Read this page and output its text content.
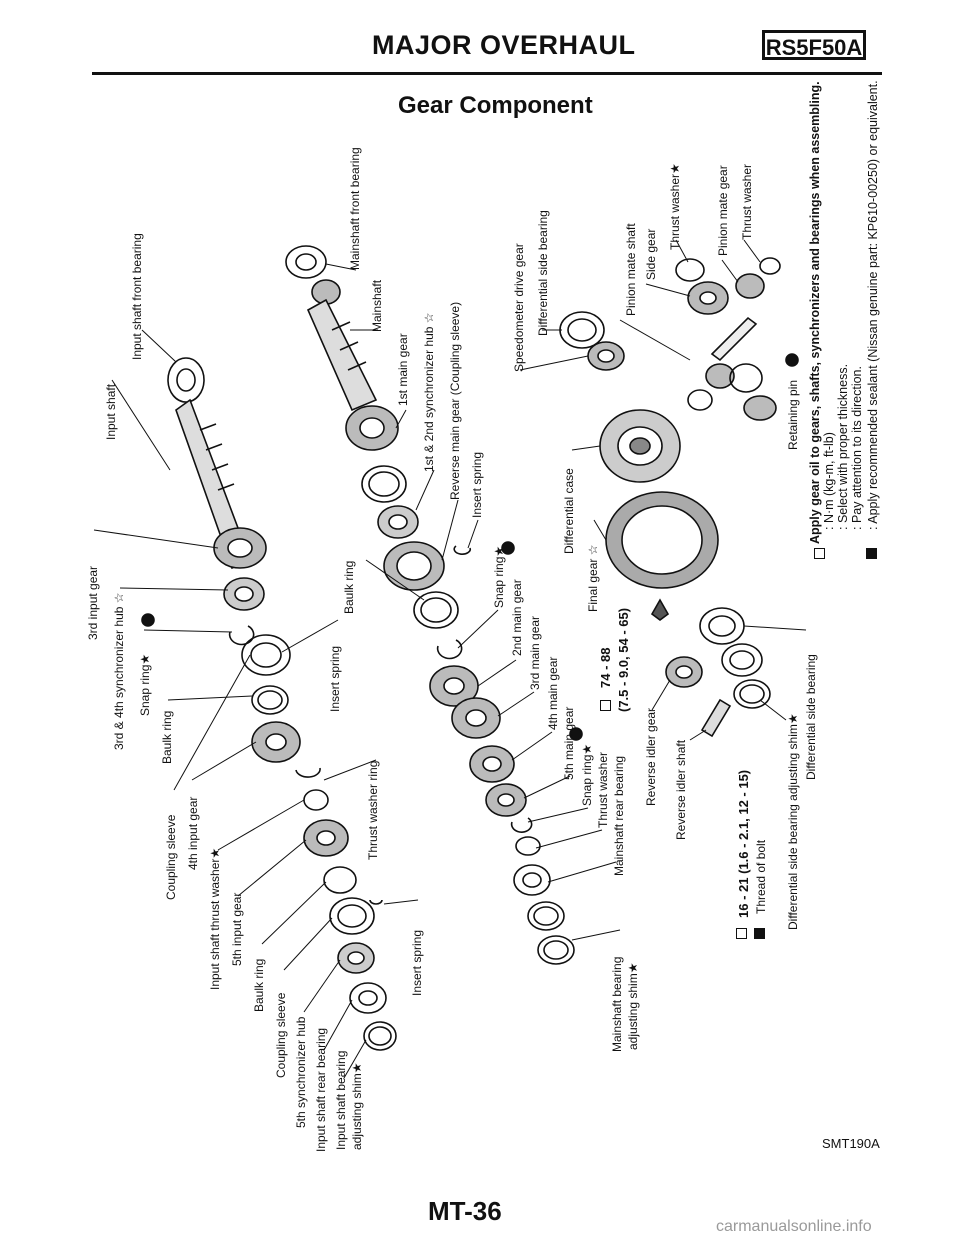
MAJOR OVERHAUL	RS5F50A
Gear Component
Input shaft
Input shaft front bearing
3rd input gear 3rd & 4th synchronizer hub ☆ Snap ring★
Baulk ring
Coupling sleeve 4th input gear
Insert spring
Input shaft thrust washer★
Thrust washer ring
5th input gear
Baulk ring
Coupling sleeve 5th synchronizer hub Input shaft rear bearing Input shaft bearing adjusting shim★
Insert spring
Mainshaft front bearing
Mainshaft
1st main gear 1st & 2nd synchronizer hub ☆ Reverse main gear (Coupling sleeve) Insert spring
Baulk ring	Snap ring★
2nd main gear 3rd main gear
4th main gear
5th main gear Snap ring★ Thrust washer Mainshaft rear bearing
Mainshaft bearing adjusting shim★
74 - 88 (7.5 - 9.0, 54 - 65)
Speedometer drive gear Differential side bearing
Differential case
Final gear ☆
Pinion mate shaft Side gear
Thrust washer★	Pinion mate gear Thrust washer
Retaining pin
Reverse idler gear Reverse idler shaft
Differential side bearing
Differential side bearing adjusting shim★
16 - 21 (1.6 - 2.1, 12 - 15) Thread of bolt
Apply gear oil to gears, shafts, synchronizers and bearings when assembling. : N·m (kg-m, ft-lb) : Select with proper thickness. : Pay attention to its direction. : Apply recommended sealant (Nissan genuine part: KP610-00250) or equivalent.
SMT190A
MT-36
carmanualsonline.info
